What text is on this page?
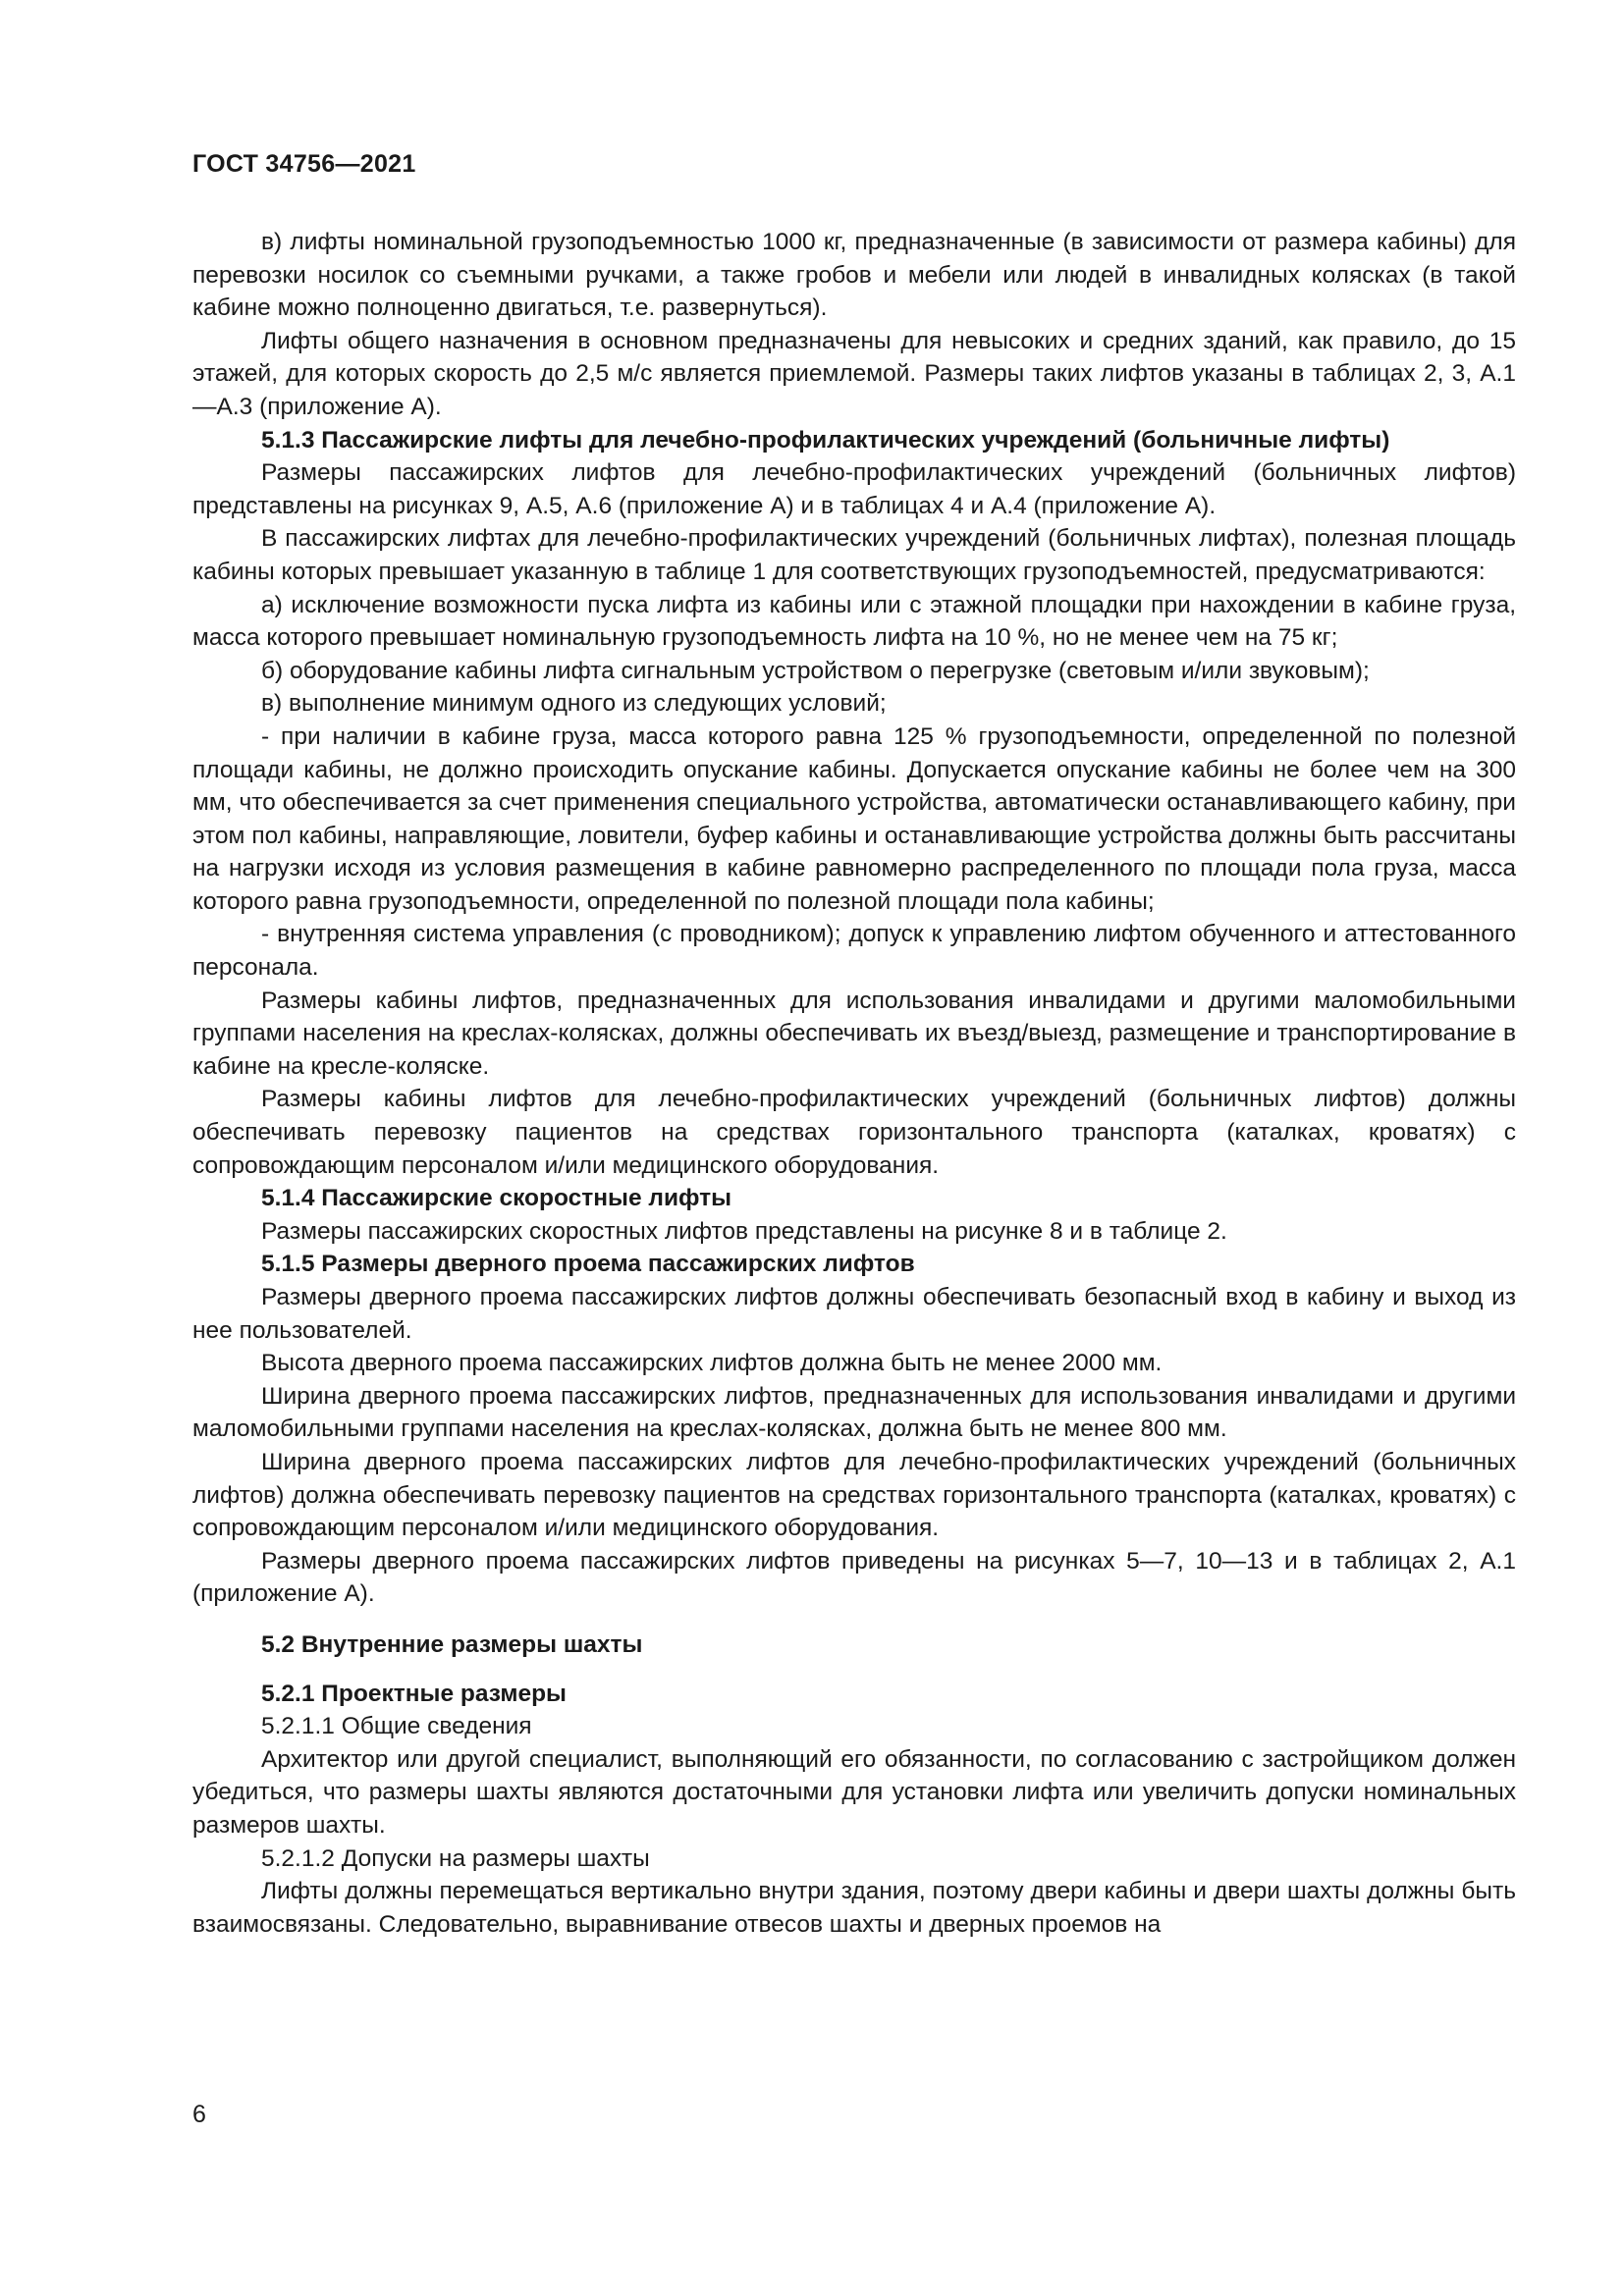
ГОСТ 34756—2021

в) лифты номинальной грузоподъемностью 1000 кг, предназначенные (в зависимости от размера кабины) для перевозки носилок со съемными ручками, а также гробов и мебели или людей в инвалидных колясках (в такой кабине можно полноценно двигаться, т.е. развернуться).

Лифты общего назначения в основном предназначены для невысоких и средних зданий, как правило, до 15 этажей, для которых скорость до 2,5 м/с является приемлемой. Размеры таких лифтов указаны в таблицах 2, 3, А.1—А.3 (приложение А).

5.1.3 Пассажирские лифты для лечебно-профилактических учреждений (больничные лифты)

Размеры пассажирских лифтов для лечебно-профилактических учреждений (больничных лифтов) представлены на рисунках 9, А.5, А.6 (приложение А) и в таблицах 4 и А.4 (приложение А).

В пассажирских лифтах для лечебно-профилактических учреждений (больничных лифтах), полезная площадь кабины которых превышает указанную в таблице 1 для соответствующих грузоподъемностей, предусматриваются:

а) исключение возможности пуска лифта из кабины или с этажной площадки при нахождении в кабине груза, масса которого превышает номинальную грузоподъемность лифта на 10 %, но не менее чем на 75 кг;

б) оборудование кабины лифта сигнальным устройством о перегрузке (световым и/или звуковым);

в) выполнение минимум одного из следующих условий;

- при наличии в кабине груза, масса которого равна 125 % грузоподъемности, определенной по полезной площади кабины, не должно происходить опускание кабины. Допускается опускание кабины не более чем на 300 мм, что обеспечивается за счет применения специального устройства, автоматически останавливающего кабину, при этом пол кабины, направляющие, ловители, буфер кабины и останавливающие устройства должны быть рассчитаны на нагрузки исходя из условия размещения в кабине равномерно распределенного по площади пола груза, масса которого равна грузоподъемности, определенной по полезной площади пола кабины;

- внутренняя система управления (с проводником); допуск к управлению лифтом обученного и аттестованного персонала.

Размеры кабины лифтов, предназначенных для использования инвалидами и другими маломобильными группами населения на креслах-колясках, должны обеспечивать их въезд/выезд, размещение и транспортирование в кабине на кресле-коляске.

Размеры кабины лифтов для лечебно-профилактических учреждений (больничных лифтов) должны обеспечивать перевозку пациентов на средствах горизонтального транспорта (каталках, кроватях) с сопровождающим персоналом и/или медицинского оборудования.

5.1.4 Пассажирские скоростные лифты

Размеры пассажирских скоростных лифтов представлены на рисунке 8 и в таблице 2.

5.1.5 Размеры дверного проема пассажирских лифтов

Размеры дверного проема пассажирских лифтов должны обеспечивать безопасный вход в кабину и выход из нее пользователей.

Высота дверного проема пассажирских лифтов должна быть не менее 2000 мм.

Ширина дверного проема пассажирских лифтов, предназначенных для использования инвалидами и другими маломобильными группами населения на креслах-колясках, должна быть не менее 800 мм.

Ширина дверного проема пассажирских лифтов для лечебно-профилактических учреждений (больничных лифтов) должна обеспечивать перевозку пациентов на средствах горизонтального транспорта (каталках, кроватях) с сопровождающим персоналом и/или медицинского оборудования.

Размеры дверного проема пассажирских лифтов приведены на рисунках 5—7, 10—13 и в таблицах 2, А.1 (приложение А).

5.2 Внутренние размеры шахты
5.2.1 Проектные размеры

5.2.1.1 Общие сведения

Архитектор или другой специалист, выполняющий его обязанности, по согласованию с застройщиком должен убедиться, что размеры шахты являются достаточными для установки лифта или увеличить допуски номинальных размеров шахты.

5.2.1.2 Допуски на размеры шахты

Лифты должны перемещаться вертикально внутри здания, поэтому двери кабины и двери шахты должны быть взаимосвязаны. Следовательно, выравнивание отвесов шахты и дверных проемов на

6
